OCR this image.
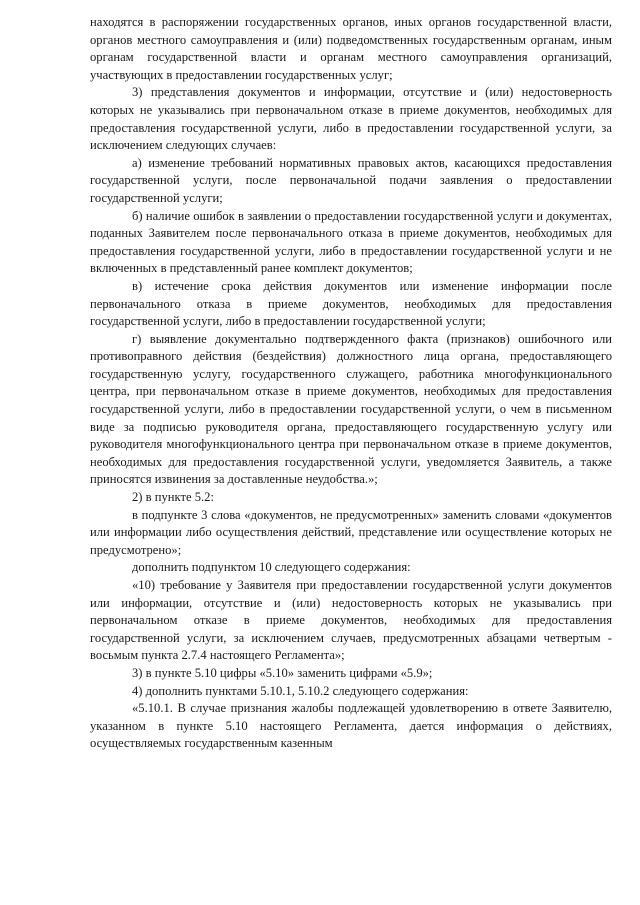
находятся в распоряжении государственных органов, иных органов государственной власти, органов местного самоуправления и (или) подведомственных государственным органам, иным органам государственной власти и органам местного самоуправления организаций, участвующих в предоставлении государственных услуг;

3) представления документов и информации, отсутствие и (или) недостоверность которых не указывались при первоначальном отказе в приеме документов, необходимых для предоставления государственной услуги, либо в предоставлении государственной услуги, за исключением следующих случаев:

а) изменение требований нормативных правовых актов, касающихся предоставления государственной услуги, после первоначальной подачи заявления о предоставлении государственной услуги;

б) наличие ошибок в заявлении о предоставлении государственной услуги и документах, поданных Заявителем после первоначального отказа в приеме документов, необходимых для предоставления государственной услуги, либо в предоставлении государственной услуги и не включенных в представленный ранее комплект документов;

в) истечение срока действия документов или изменение информации после первоначального отказа в приеме документов, необходимых для предоставления государственной услуги, либо в предоставлении государственной услуги;

г) выявление документально подтвержденного факта (признаков) ошибочного или противоправного действия (бездействия) должностного лица органа, предоставляющего государственную услугу, государственного служащего, работника многофункционального центра, при первоначальном отказе в приеме документов, необходимых для предоставления государственной услуги, либо в предоставлении государственной услуги, о чем в письменном виде за подписью руководителя органа, предоставляющего государственную услугу или руководителя многофункционального центра при первоначальном отказе в приеме документов, необходимых для предоставления государственной услуги, уведомляется Заявитель, а также приносятся извинения за доставленные неудобства.»;

2) в пункте 5.2:

в подпункте 3 слова «документов, не предусмотренных» заменить словами «документов или информации либо осуществления действий, представление или осуществление которых не предусмотрено»;

дополнить подпунктом 10 следующего содержания:

«10) требование у Заявителя при предоставлении государственной услуги документов или информации, отсутствие и (или) недостоверность которых не указывались при первоначальном отказе в приеме документов, необходимых для предоставления государственной услуги, за исключением случаев, предусмотренных абзацами четвертым - восьмым пункта 2.7.4 настоящего Регламента»;

3) в пункте 5.10 цифры «5.10» заменить цифрами «5.9»;

4) дополнить пунктами 5.10.1, 5.10.2 следующего содержания:

«5.10.1. В случае признания жалобы подлежащей удовлетворению в ответе Заявителю, указанном в пункте 5.10 настоящего Регламента, дается информация о действиях, осуществляемых государственным казенным
